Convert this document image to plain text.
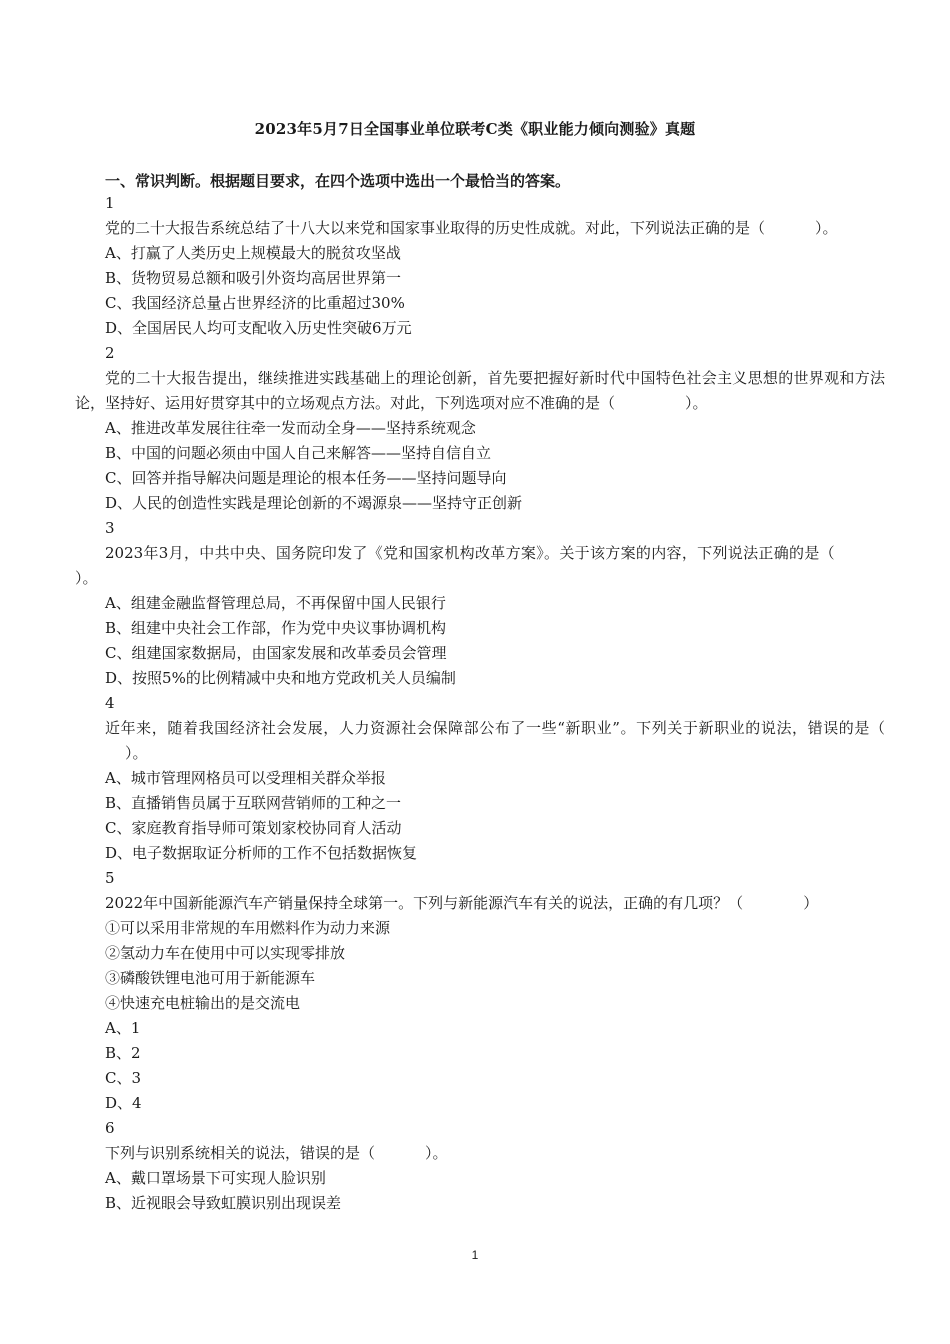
2023年5月7日全国事业单位联考C类《职业能力倾向测验》真题
一、常识判断。根据题目要求，在四个选项中选出一个最恰当的答案。
1
党的二十大报告系统总结了十八大以来党和国家事业取得的历史性成就。对此，下列说法正确的是（	）。
A、打赢了人类历史上规模最大的脱贫攻坚战
B、货物贸易总额和吸引外资均高居世界第一
C、我国经济总量占世界经济的比重超过30%
D、全国居民人均可支配收入历史性突破6万元
2
党的二十大报告提出，继续推进实践基础上的理论创新，首先要把握好新时代中国特色社会主义思想的世界观和方法论，坚持好、运用好贯穿其中的立场观点方法。对此，下列选项对应不准确的是（	）。
A、推进改革发展往往牵一发而动全身——坚持系统观念
B、中国的问题必须由中国人自己来解答——坚持自信自立
C、回答并指导解决问题是理论的根本任务——坚持问题导向
D、人民的创造性实践是理论创新的不竭源泉——坚持守正创新
3
2023年3月，中共中央、国务院印发了《党和国家机构改革方案》。关于该方案的内容，下列说法正确的是（）。
A、组建金融监督管理总局，不再保留中国人民银行
B、组建中央社会工作部，作为党中央议事协调机构
C、组建国家数据局，由国家发展和改革委员会管理
D、按照5%的比例精减中央和地方党政机关人员编制
4
近年来，随着我国经济社会发展，人力资源社会保障部公布了一些“新职业”。下列关于新职业的说法，错误的是（）。
A、城市管理网格员可以受理相关群众举报
B、直播销售员属于互联网营销师的工种之一
C、家庭教育指导师可策划家校协同育人活动
D、电子数据取证分析师的工作不包括数据恢复
5
2022年中国新能源汽车产销量保持全球第一。下列与新能源汽车有关的说法，正确的有几项？（	）
①可以采用非常规的车用燃料作为动力来源
②氢动力车在使用中可以实现零排放
③磷酸铁锂电池可用于新能源车
④快速充电桩输出的是交流电
A、1
B、2
C、3
D、4
6
下列与识别系统相关的说法，错误的是（	）。
A、戴口罩场景下可实现人脸识别
B、近视眼会导致虹膜识别出现误差
1
